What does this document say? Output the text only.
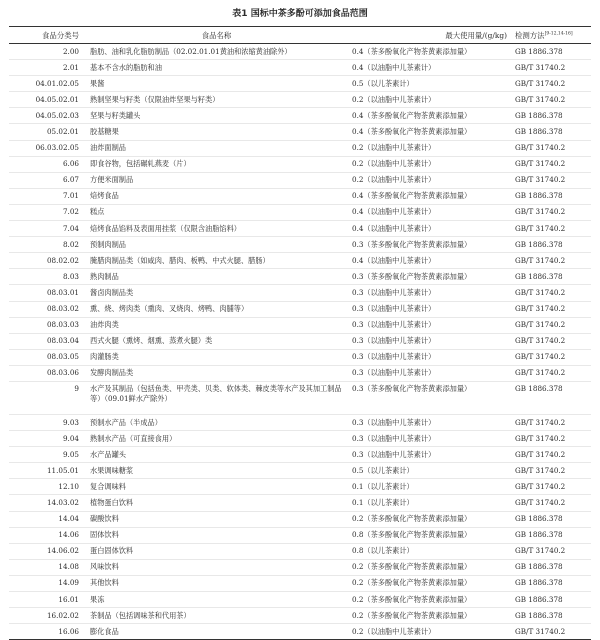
表1 国标中茶多酚可添加食品范围
食品分类号	食品名称	最大使用量/(g/kg)	检测方法[9-12,14-16]
2.00	脂肪、油和乳化脂肪制品（02.02.01.01黄油和浓缩黄油除外）	0.4（茶多酚氧化产物茶黄素添加量）	GB 1886.378
2.01	基本不含水的脂肪和油	0.4（以油脂中儿茶素计）	GB/T 31740.2
04.01.02.05	果酱	0.5（以儿茶素计）	GB/T 31740.2
04.05.02.01	熟制坚果与籽类（仅限油炸坚果与籽类）	0.2（以油脂中儿茶素计）	GB/T 31740.2
04.05.02.03	坚果与籽类罐头	0.4（茶多酚氧化产物茶黄素添加量）	GB 1886.378
05.02.01	胶基糖果	0.4（茶多酚氧化产物茶黄素添加量）	GB 1886.378
06.03.02.05	油炸面制品	0.2（以油脂中儿茶素计）	GB/T 31740.2
6.06	即食谷物，包括碾轧燕麦（片）	0.2（以油脂中儿茶素计）	GB/T 31740.2
6.07	方便米面制品	0.2（以油脂中儿茶素计）	GB/T 31740.2
7.01	焙烤食品	0.4（茶多酚氧化产物茶黄素添加量）	GB 1886.378
7.02	糕点	0.4（以油脂中儿茶素计）	GB/T 31740.2
7.04	焙烤食品馅料及表面用挂浆（仅限含油脂馅料）	0.4（以油脂中儿茶素计）	GB/T 31740.2
8.02	预制肉制品	0.3（茶多酚氧化产物茶黄素添加量）	GB 1886.378
08.02.02	腌腊肉制品类（如咸肉、腊肉、板鸭、中式火腿、腊肠）	0.4（以油脂中儿茶素计）	GB/T 31740.2
8.03	熟肉制品	0.3（茶多酚氧化产物茶黄素添加量）	GB 1886.378
08.03.01	酱卤肉制品类	0.3（以油脂中儿茶素计）	GB/T 31740.2
08.03.02	熏、烧、烤肉类（熏肉、叉烧肉、烤鸭、肉脯等）	0.3（以油脂中儿茶素计）	GB/T 31740.2
08.03.03	油炸肉类	0.3（以油脂中儿茶素计）	GB/T 31740.2
08.03.04	西式火腿（熏烤、烟熏、蒸煮火腿）类	0.3（以油脂中儿茶素计）	GB/T 31740.2
08.03.05	肉灌肠类	0.3（以油脂中儿茶素计）	GB/T 31740.2
08.03.06	发酵肉制品类	0.3（以油脂中儿茶素计）	GB/T 31740.2
9	水产及其制品（包括鱼类、甲壳类、贝类、软体类、棘皮类等水产及其加工制品等）（09.01鲜水产除外）	0.3（茶多酚氧化产物茶黄素添加量）	GB 1886.378
9.03	预制水产品（半成品）	0.3（以油脂中儿茶素计）	GB/T 31740.2
9.04	熟制水产品（可直接食用）	0.3（以油脂中儿茶素计）	GB/T 31740.2
9.05	水产品罐头	0.3（以油脂中儿茶素计）	GB/T 31740.2
11.05.01	水果调味糖浆	0.5（以儿茶素计）	GB/T 31740.2
12.10	复合调味料	0.1（以儿茶素计）	GB/T 31740.2
14.03.02	植物蛋白饮料	0.1（以儿茶素计）	GB/T 31740.2
14.04	碳酸饮料	0.2（茶多酚氧化产物茶黄素添加量）	GB 1886.378
14.06	固体饮料	0.8（茶多酚氧化产物茶黄素添加量）	GB 1886.378
14.06.02	蛋白固体饮料	0.8（以儿茶素计）	GB/T 31740.2
14.08	风味饮料	0.2（茶多酚氧化产物茶黄素添加量）	GB 1886.378
14.09	其他饮料	0.2（茶多酚氧化产物茶黄素添加量）	GB 1886.378
16.01	果冻	0.2（茶多酚氧化产物茶黄素添加量）	GB 1886.378
16.02.02	茶制品（包括调味茶和代用茶）	0.2（茶多酚氧化产物茶黄素添加量）	GB 1886.378
16.06	膨化食品	0.2（以油脂中儿茶素计）	GB/T 31740.2
